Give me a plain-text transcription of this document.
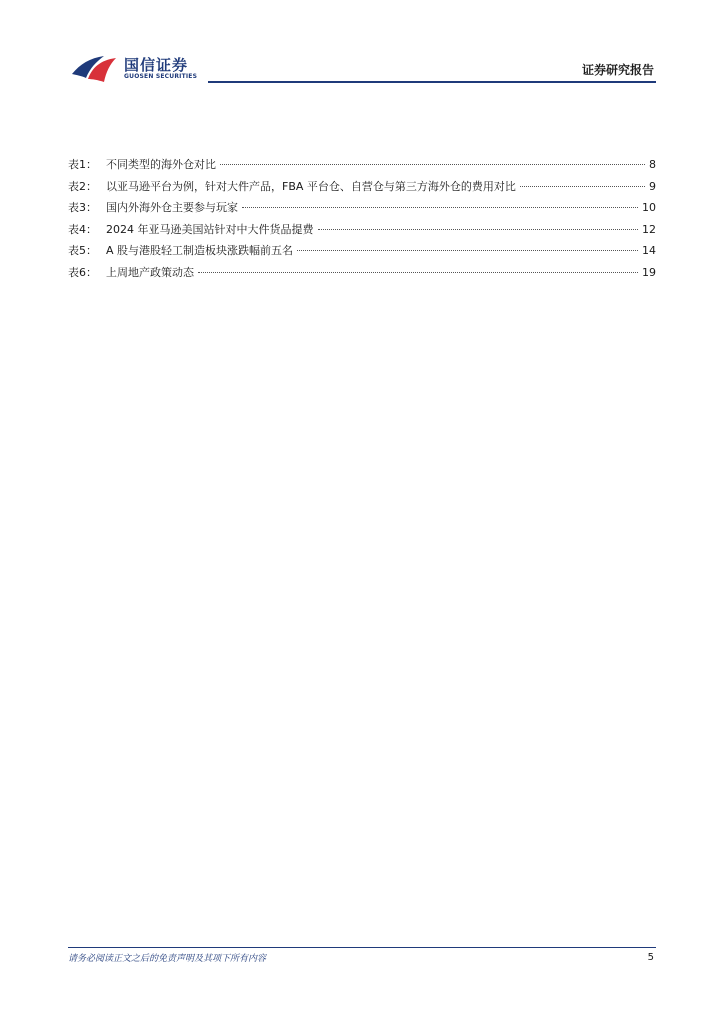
国信证券
GUOSEN SECURITIES	证券研究报告
表1： 不同类型的海外仓对比	8
表2： 以亚马逊平台为例，针对大件产品，FBA 平台仓、自营仓与第三方海外仓的费用对比	9
表3： 国内外海外仓主要参与玩家	10
表4： 2024 年亚马逊美国站针对中大件货品提费	12
表5： A 股与港股轻工制造板块涨跌幅前五名	14
表6： 上周地产政策动态	19
请务必阅读正文之后的免责声明及其项下所有内容	5
